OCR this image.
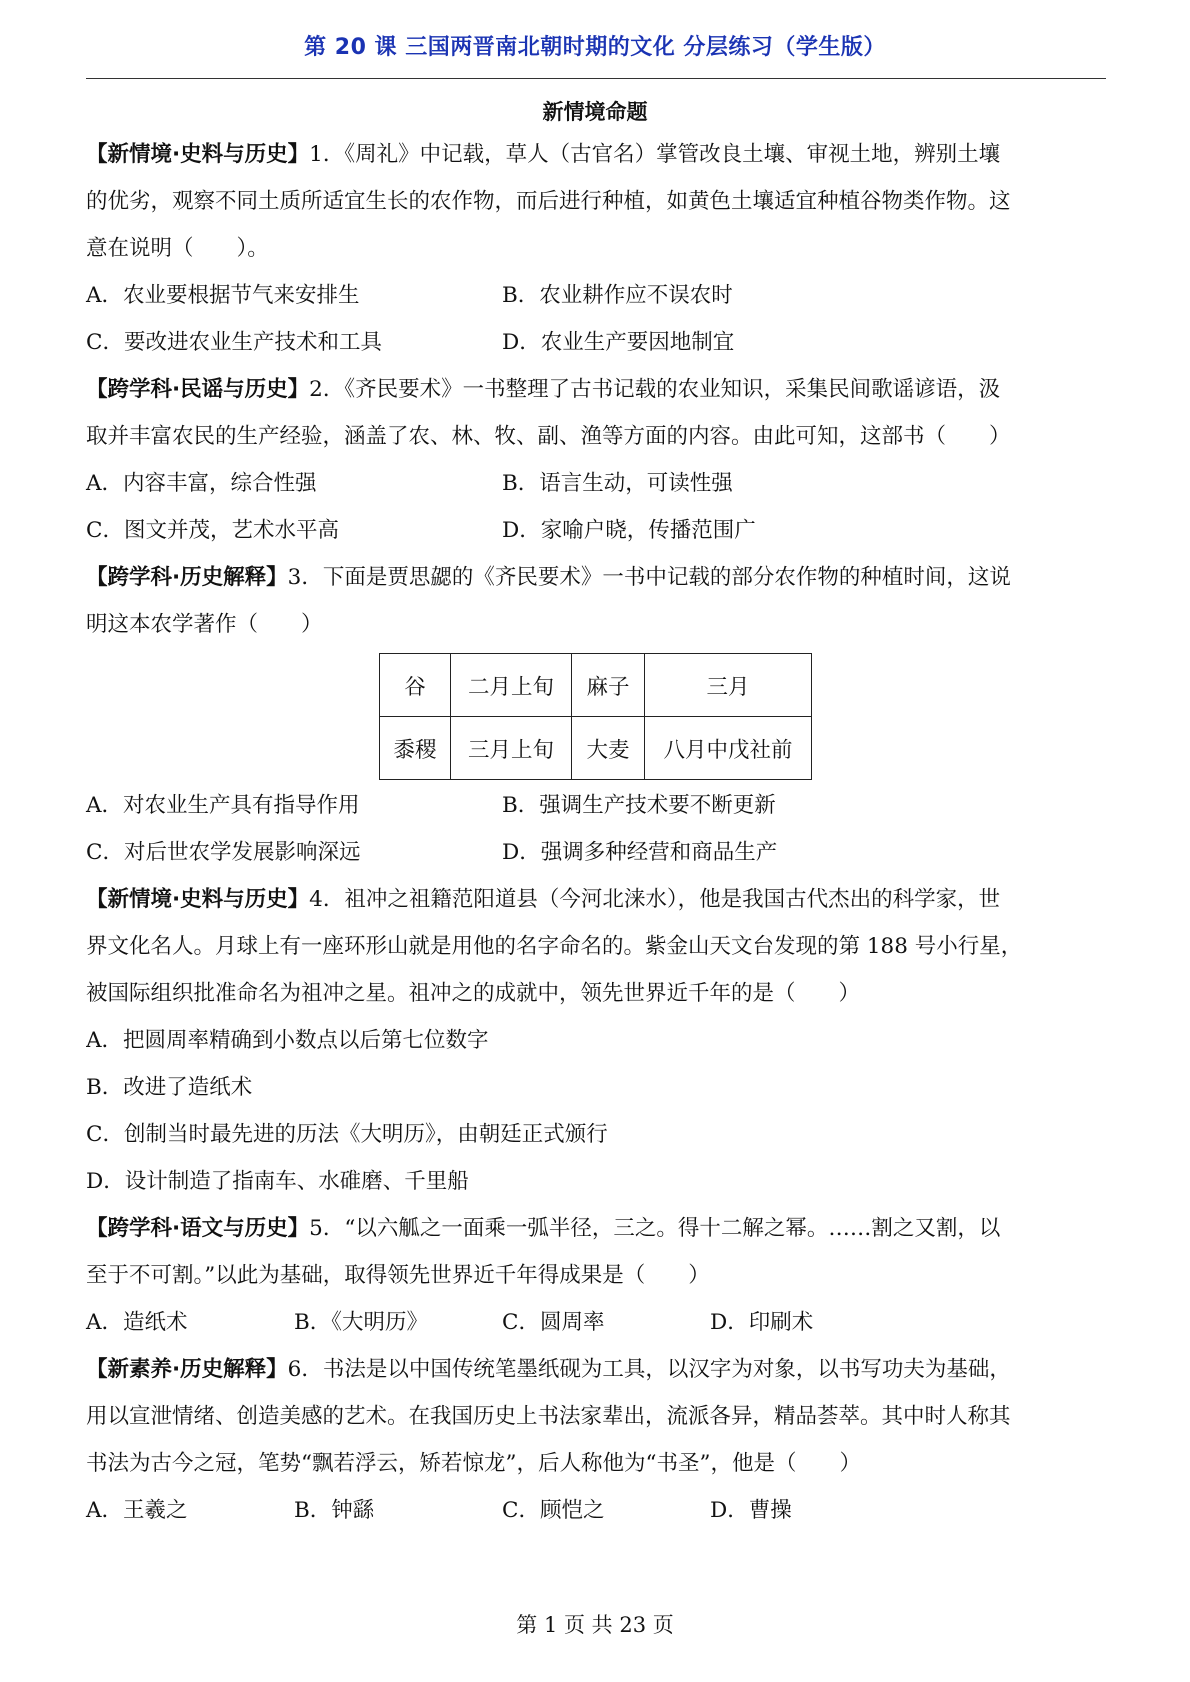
第 20 课 三国两晋南北朝时期的文化 分层练习（学生版）
新情境命题
【新情境·史料与历史】1．《周礼》中记载，草人（古官名）掌管改良土壤、审视土地，辨别土壤
的优劣，观察不同土质所适宜生长的农作物，而后进行种植，如黄色土壤适宜种植谷物类作物。这
意在说明（　　）。
A．农业要根据节气来安排生	B．农业耕作应不误农时
C．要改进农业生产技术和工具	D．农业生产要因地制宜
【跨学科·民谣与历史】2．《齐民要术》一书整理了古书记载的农业知识，采集民间歌谣谚语，汲
取并丰富农民的生产经验，涵盖了农、林、牧、副、渔等方面的内容。由此可知，这部书（　　）
A．内容丰富，综合性强	B．语言生动，可读性强
C．图文并茂，艺术水平高	D．家喻户晓，传播范围广
【跨学科·历史解释】3．下面是贾思勰的《齐民要术》一书中记载的部分农作物的种植时间，这说
明这本农学著作（　　）
谷	二月上旬	麻子	三月
黍稷	三月上旬	大麦	八月中戊社前
A．对农业生产具有指导作用	B．强调生产技术要不断更新
C．对后世农学发展影响深远	D．强调多种经营和商品生产
【新情境·史料与历史】4．祖冲之祖籍范阳道县（今河北涞水），他是我国古代杰出的科学家，世
界文化名人。月球上有一座环形山就是用他的名字命名的。紫金山天文台发现的第 188 号小行星，
被国际组织批准命名为祖冲之星。祖冲之的成就中，领先世界近千年的是（　　）
A．把圆周率精确到小数点以后第七位数字
B．改进了造纸术
C．创制当时最先进的历法《大明历》，由朝廷正式颁行
D．设计制造了指南车、水碓磨、千里船
【跨学科·语文与历史】5．“以六觚之一面乘一弧半径，三之。得十二解之幂。……割之又割，以
至于不可割。”以此为基础，取得领先世界近千年得成果是（　　）
A．造纸术	B．《大明历》	C．圆周率	D．印刷术
【新素养·历史解释】6．书法是以中国传统笔墨纸砚为工具，以汉字为对象，以书写功夫为基础，
用以宣泄情绪、创造美感的艺术。在我国历史上书法家辈出，流派各异，精品荟萃。其中时人称其
书法为古今之冠，笔势“飘若浮云，矫若惊龙”，后人称他为“书圣”，他是（　　）
A．王羲之	B．钟繇	C．顾恺之	D．曹操
第 1 页 共 23 页
